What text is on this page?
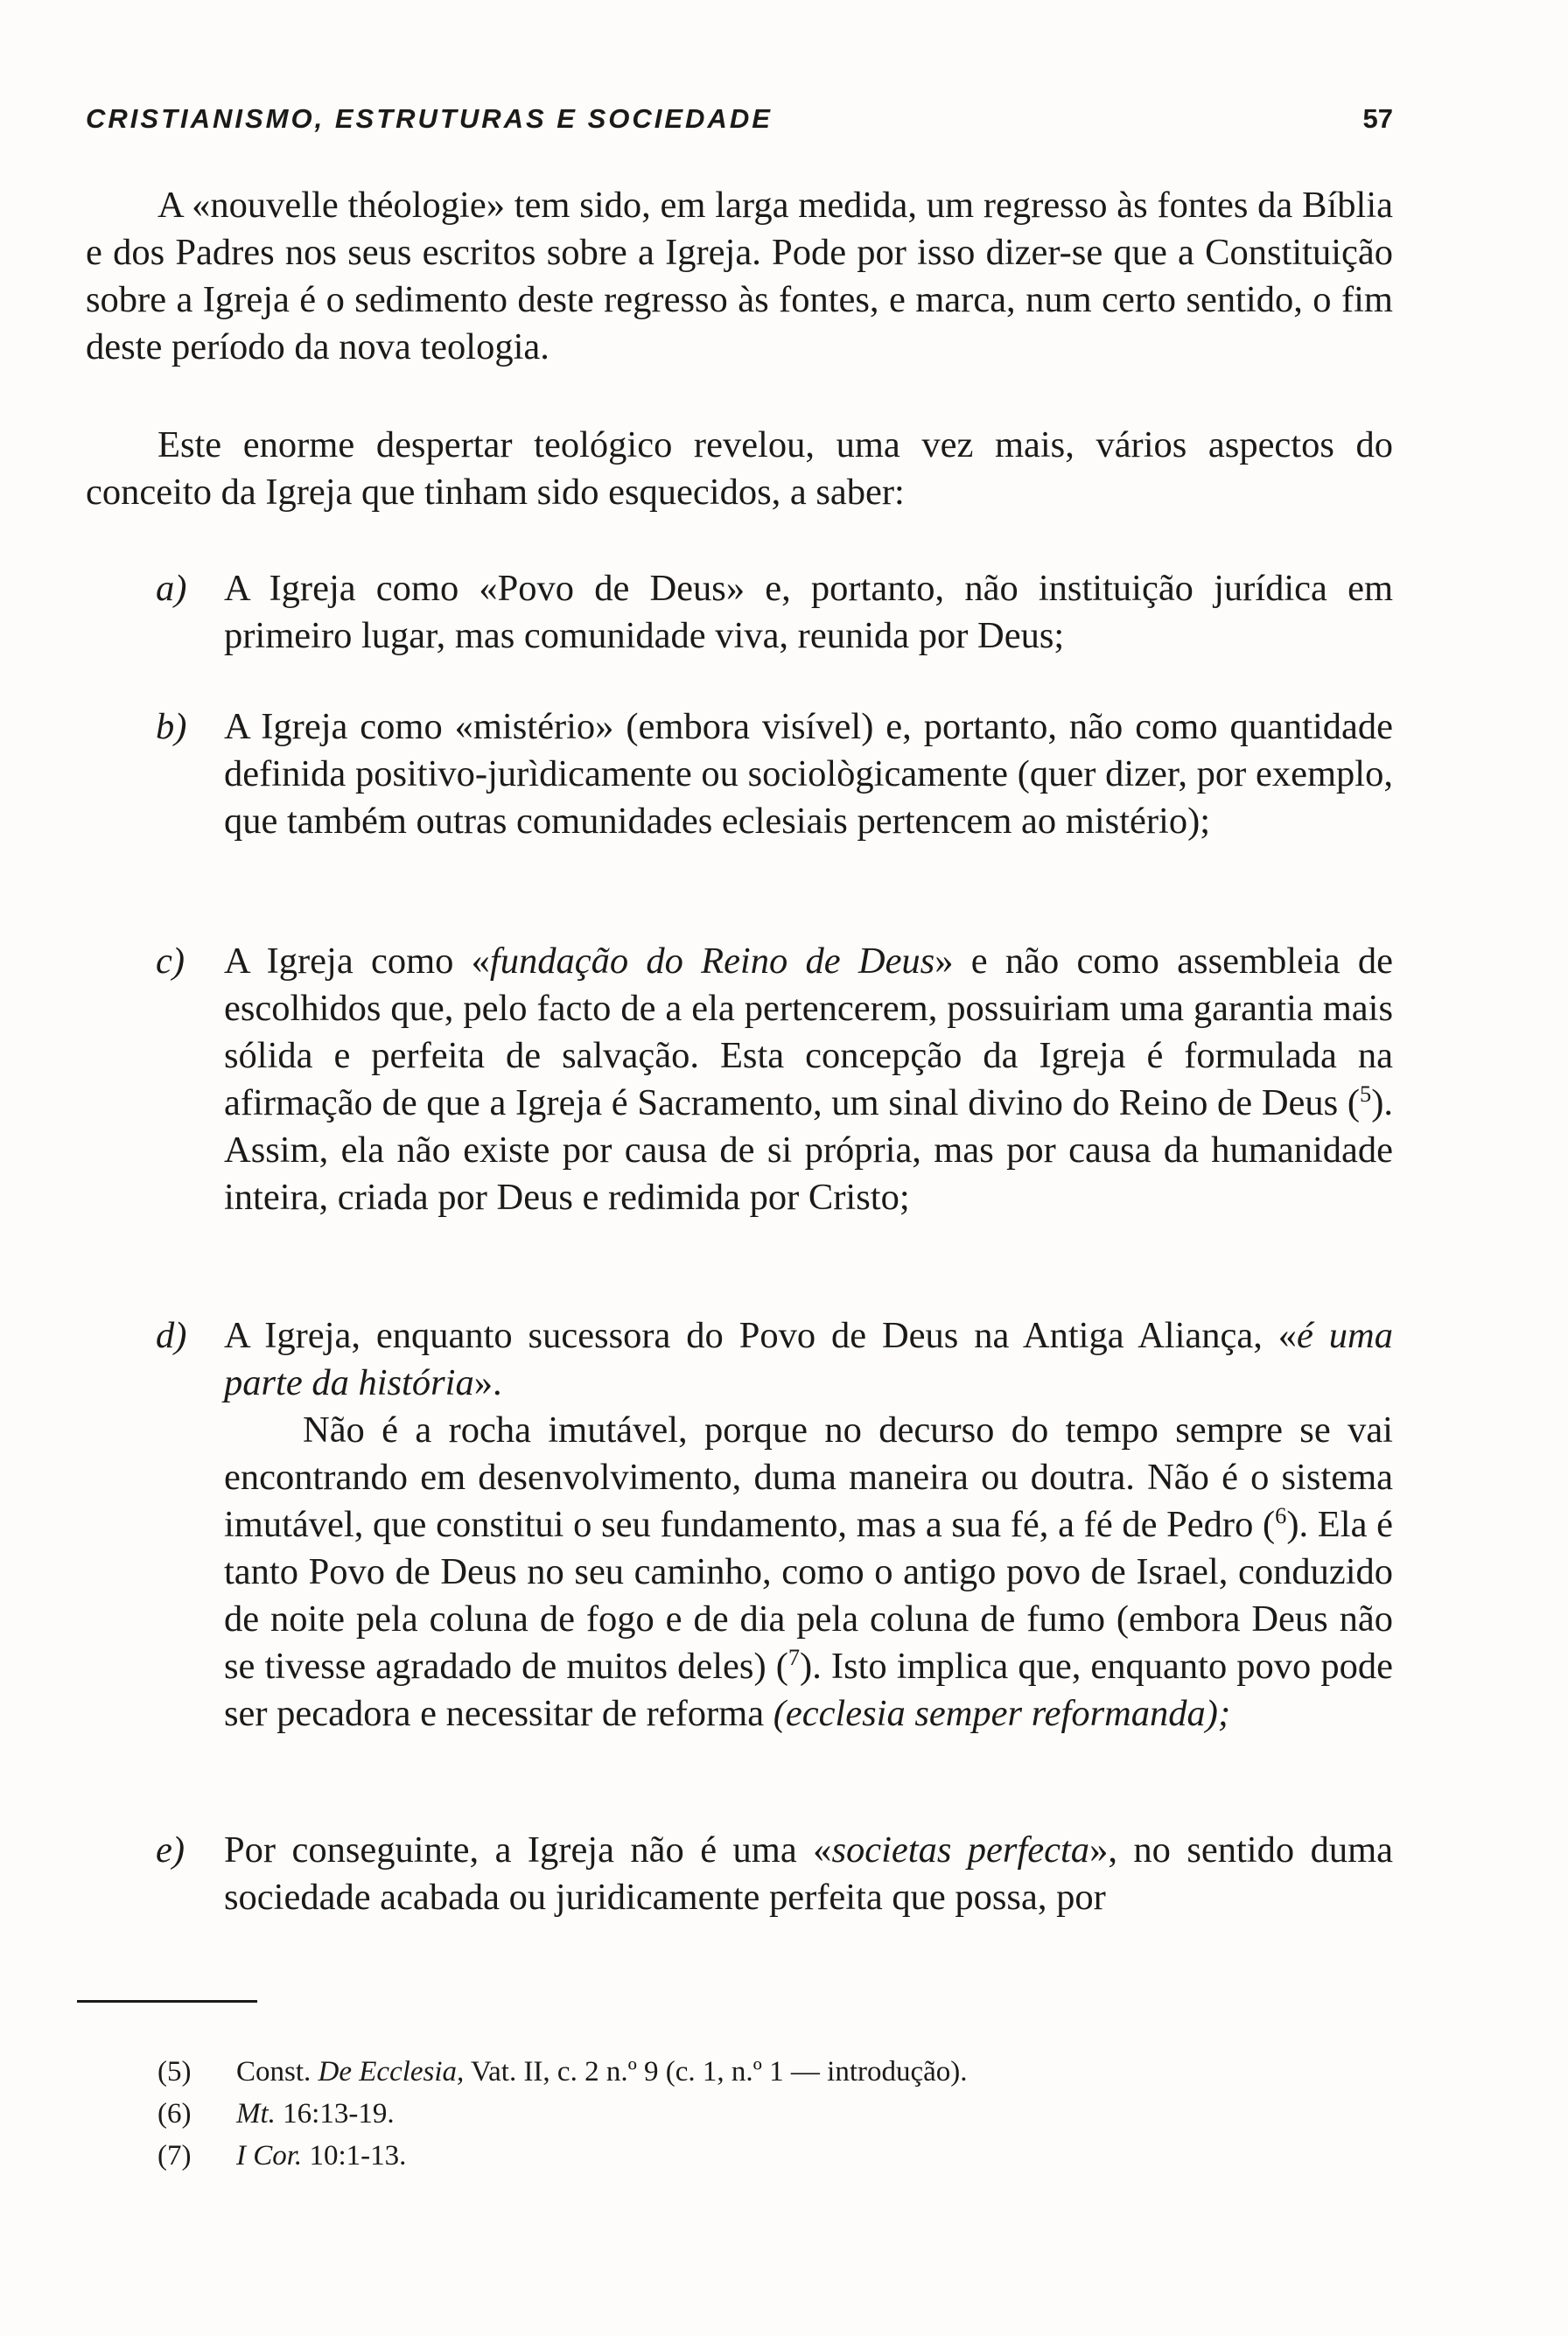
CRISTIANISMO, ESTRUTURAS E SOCIEDADE	57
A «nouvelle théologie» tem sido, em larga medida, um regresso às fontes da Bíblia e dos Padres nos seus escritos sobre a Igreja. Pode por isso dizer-se que a Constituição sobre a Igreja é o sedimento deste regresso às fontes, e marca, num certo sentido, o fim deste período da nova teologia.
Este enorme despertar teológico revelou, uma vez mais, vários aspectos do conceito da Igreja que tinham sido esquecidos, a saber:
a) A Igreja como «Povo de Deus» e, portanto, não instituição jurídica em primeiro lugar, mas comunidade viva, reunida por Deus;
b) A Igreja como «mistério» (embora visível) e, portanto, não como quantidade definida positivo-jurìdicamente ou sociològicamente (quer dizer, por exemplo, que também outras comunidades eclesiais pertencem ao mistério);
c) A Igreja como «fundação do Reino de Deus» e não como assembleia de escolhidos que, pelo facto de a ela pertencerem, possuiriam uma garantia mais sólida e perfeita de salvação. Esta concepção da Igreja é formulada na afirmação de que a Igreja é Sacramento, um sinal divino do Reino de Deus ($^5$). Assim, ela não existe por causa de si própria, mas por causa da humanidade inteira, criada por Deus e redimida por Cristo;
d) A Igreja, enquanto sucessora do Povo de Deus na Antiga Aliança, «é uma parte da história».
Não é a rocha imutável, porque no decurso do tempo sempre se vai encontrando em desenvolvimento, duma maneira ou doutra. Não é o sistema imutável, que constitui o seu fundamento, mas a sua fé, a fé de Pedro ($^6$). Ela é tanto Povo de Deus no seu caminho, como o antigo povo de Israel, conduzido de noite pela coluna de fogo e de dia pela coluna de fumo (embora Deus não se tivesse agradado de muitos deles) ($^7$). Isto implica que, enquanto povo pode ser pecadora e necessitar de reforma (ecclesia semper reformanda);
e) Por conseguinte, a Igreja não é uma «societas perfecta», no sentido duma sociedade acabada ou juridicamente perfeita que possa, por
(5)	Const. De Ecclesia, Vat. II, c. 2 n.º 9 (c. 1, n.º 1 — introdução).
(6)	Mt. 16:13-19.
(7)	I Cor. 10:1-13.
